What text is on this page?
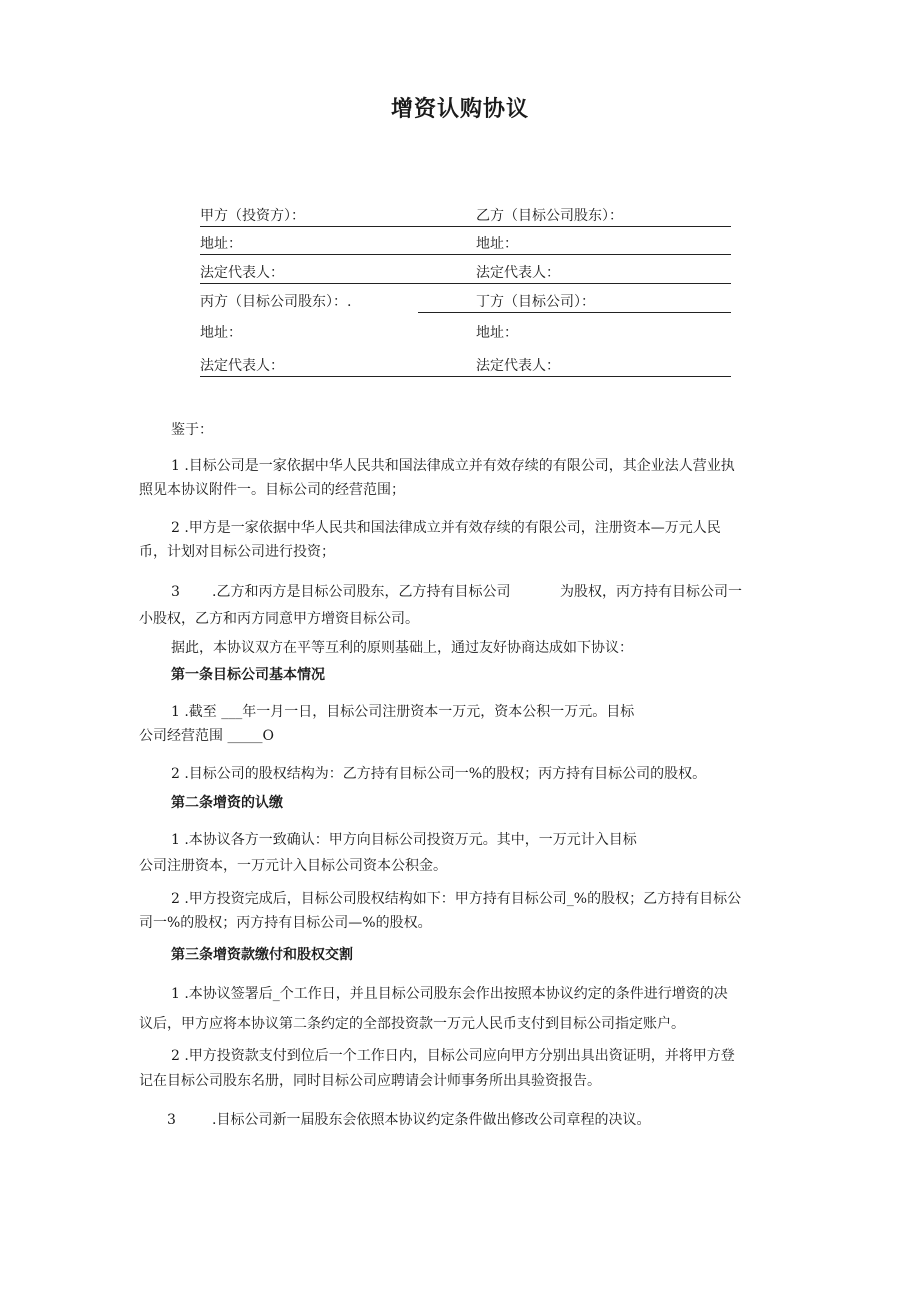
增资认购协议
甲方（投资方）：	乙方（目标公司股东）：
地址：	地址：
法定代表人：	法定代表人：
丙方（目标公司股东）：.	丁方（目标公司）：
地址：	地址：
法定代表人：	法定代表人：
鉴于：
1 .目标公司是一家依据中华人民共和国法律成立并有效存续的有限公司，其企业法人营业执
照见本协议附件一。目标公司的经营范围；
2 .甲方是一家依据中华人民共和国法律成立并有效存续的有限公司，注册资本—万元人民
币，计划对目标公司进行投资；
3 .乙方和丙方是目标公司股东，乙方持有目标公司	为股权，丙方持有目标公司一
小股权，乙方和丙方同意甲方增资目标公司。
据此，本协议双方在平等互利的原则基础上，通过友好协商达成如下协议：
第一条目标公司基本情况
1 .截至 ___年一月一日，目标公司注册资本一万元，资本公积一万元。目标
公司经营范围 _____O
2 .目标公司的股权结构为：乙方持有目标公司一%的股权；丙方持有目标公司的股权。
第二条增资的认缴
1 .本协议各方一致确认：甲方向目标公司投资万元。其中，一万元计入目标
公司注册资本，一万元计入目标公司资本公积金。
2 .甲方投资完成后，目标公司股权结构如下：甲方持有目标公司_%的股权；乙方持有目标公
司一%的股权；丙方持有目标公司—%的股权。
第三条增资款缴付和股权交割
1 .本协议签署后_个工作日，并且目标公司股东会作出按照本协议约定的条件进行增资的决
议后，甲方应将本协议第二条约定的全部投资款一万元人民币支付到目标公司指定账户。
2 .甲方投资款支付到位后一个工作日内，目标公司应向甲方分别出具出资证明，并将甲方登
记在目标公司股东名册，同时目标公司应聘请会计师事务所出具验资报告。
3	.目标公司新一届股东会依照本协议约定条件做出修改公司章程的决议。
